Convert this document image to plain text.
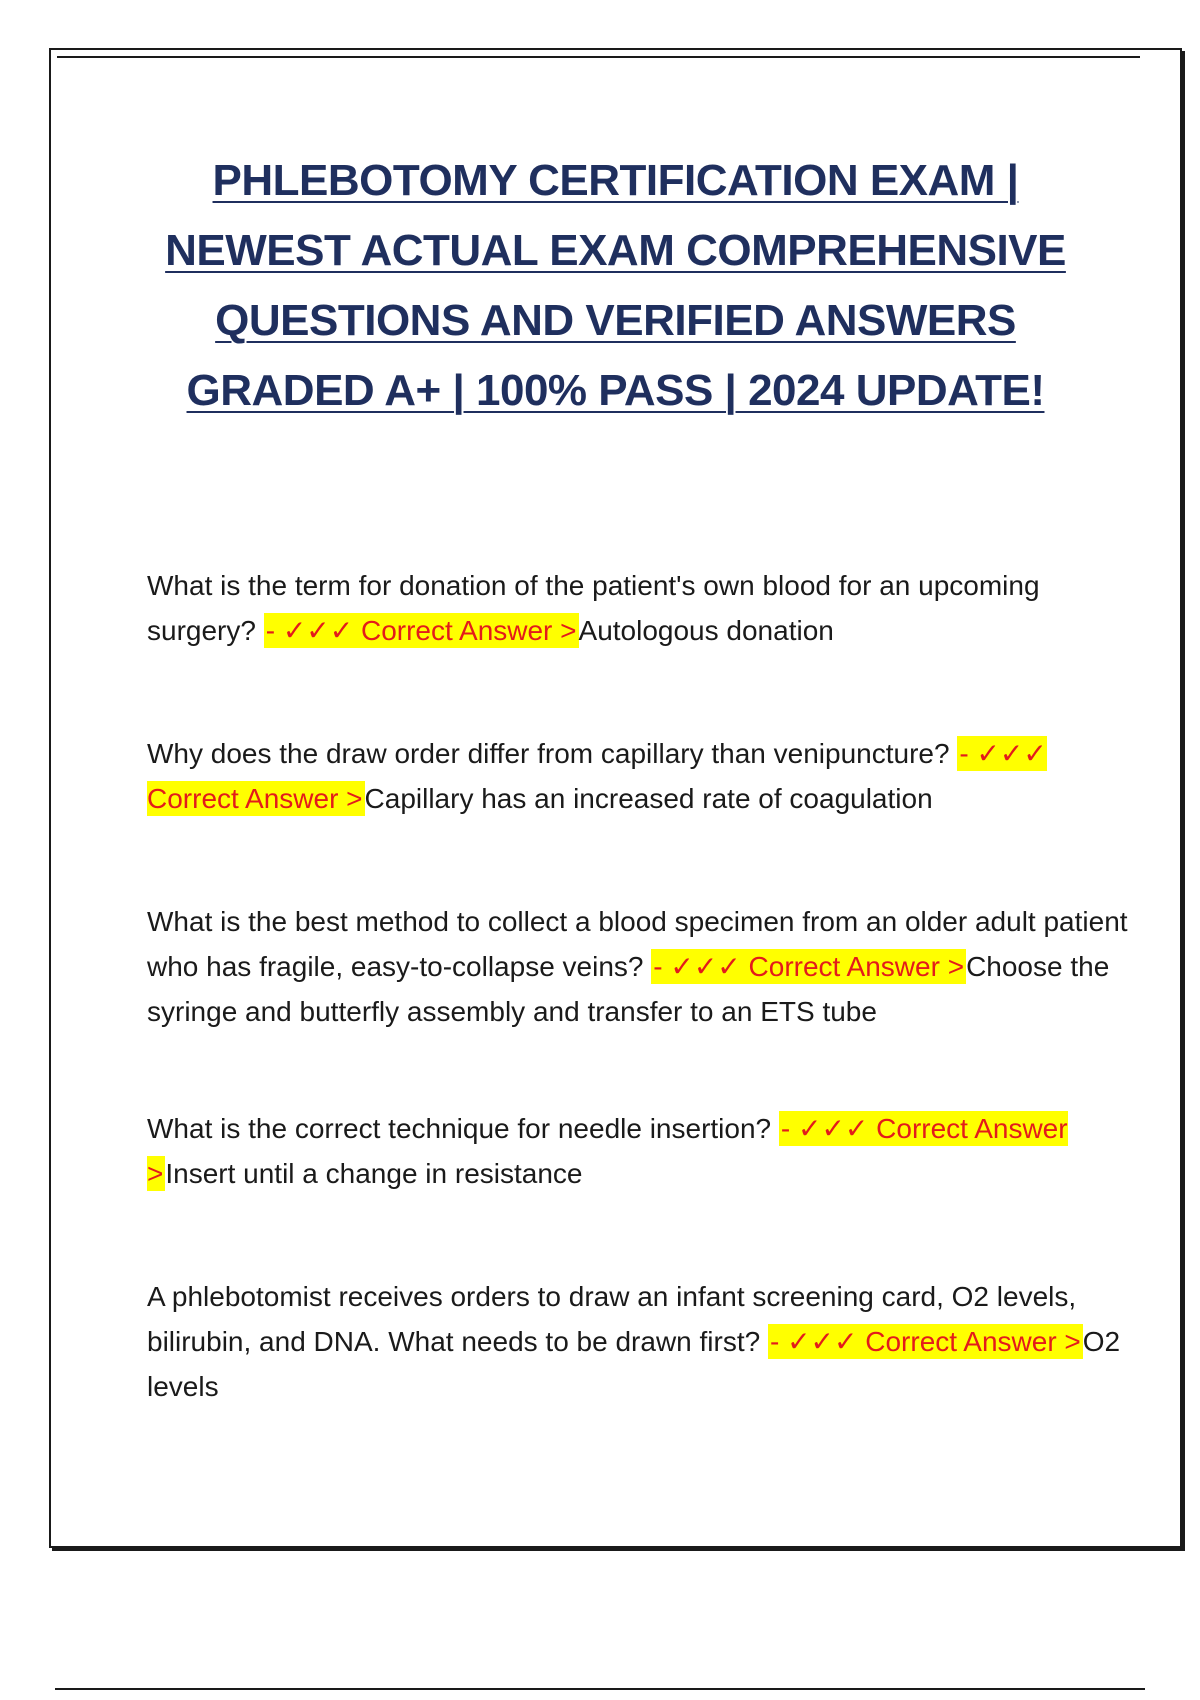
PHLEBOTOMY CERTIFICATION EXAM |
NEWEST ACTUAL EXAM COMPREHENSIVE
QUESTIONS AND VERIFIED ANSWERS
GRADED A+ | 100% PASS | 2024 UPDATE!

What is the term for donation of the patient's own blood for an upcoming surgery? - ✓✓✓ Correct Answer >Autologous donation

Why does the draw order differ from capillary than venipuncture? - ✓✓✓ Correct Answer >Capillary has an increased rate of coagulation

What is the best method to collect a blood specimen from an older adult patient who has fragile, easy-to-collapse veins? - ✓✓✓ Correct Answer >Choose the syringe and butterfly assembly and transfer to an ETS tube

What is the correct technique for needle insertion? - ✓✓✓ Correct Answer >Insert until a change in resistance

A phlebotomist receives orders to draw an infant screening card, O2 levels, bilirubin, and DNA. What needs to be drawn first? - ✓✓✓ Correct Answer >O2 levels
